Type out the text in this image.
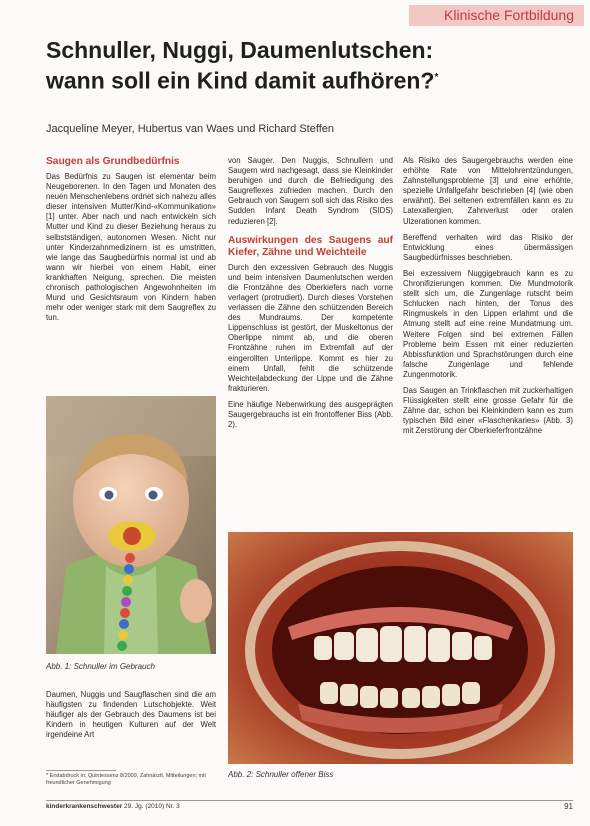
Klinische Fortbildung
Schnuller, Nuggi, Daumenlutschen:
wann soll ein Kind damit aufhören?*
Jacqueline Meyer, Hubertus van Waes und Richard Steffen
Saugen als Grundbedürfnis

Das Bedürfnis zu Saugen ist elementar beim Neugeborenen. In den Tagen und Monaten des neuen Menschenlebens ordnet sich nahezu alles dieser intensiven Mutter/Kind-«Kommunikation» [1] unter. Aber nach und nach entwickeln sich Mutter und Kind zu dieser Beziehung heraus zu selbstständigen, autonomen Wesen. Nicht nur unter Kinderzahnmedizinern ist es umstritten, wie lange das Saugbedürfnis normal ist und ab wann wir hierbei von einem Habit, einer krankhaften Neigung, sprechen. Die meisten chronisch pathologischen Angewohnheiten im Mund und Gesichtsraum von Kindern haben mehr oder weniger stark mit dem Saugreflex zu tun.

Abb. 1: Schnuller im Gebrauch

Daumen, Nuggis und Saugflaschen sind die am häufigsten zu findenden Lutschobjekte. Weit häufiger als der Gebrauch des Daumens ist bei Kindern in heutigen Kulturen auf der Welt irgendeine Art

* Erstabdruck in: Quintessenz 8/2009, Zahnärztl. Mitteilungen; mit freundlicher Genehmigung

von Sauger. Den Nuggis, Schnullern und Saugern wird nachgesagt, dass sie Kleinkinder beruhigen und durch die Befriedigung des Saugreflexes zufrieden machen. Durch den Gebrauch von Saugern soll sich das Risiko des Sudden Infant Death Syndrom (SIDS) reduzieren [2].

Auswirkungen des Saugens auf Kiefer, Zähne und Weichteile

Durch den exzessiven Gebrauch des Nuggis und beim intensiven Daumenlutschen werden die Frontzähne des Oberkiefers nach vorne verlagert (protrudiert). Durch dieses Vorstehen verlassen die Zähne den schützenden Bereich des Mundraums. Der kompetente Lippenschluss ist gestört, der Muskeltonus der Oberlippe nimmt ab, und die oberen Frontzähne ruhen im Extremfall auf der eingerollten Unterlippe. Kommt es hier zu einem Unfall, fehlt die schützende Weichteilabdeckung der Lippe und die Zähne frakturieren.

Eine häufige Nebenwirkung des ausgeprägten Saugergebrauchs ist ein frontoffener Biss (Abb. 2).

Als Risiko des Saugergebrauchs werden eine erhöhte Rate von Mittelohrentzündungen, Zahnstellungsprobleme [3] und eine erhöhte, spezielle Unfallgefahr beschrieben [4] (wie oben erwähnt). Bei seltenen extremfällen kann es zu Latexallergien, Zahnverlust oder oralen Ulzerationen kommen.

Bereffend verhalten wird das Risiko der Entwicklung eines übermässigen Saugbedürfnisses beschrieben.

Bei exzessivem Nuggigebrauch kann es zu Chronifizierungen kommen. Die Mundmotorik stellt sich um, die Zungenlage rutscht beim Schlucken nach hinten, der Tonus des Ringmuskels in den Lippen erlahmt und die Atmung stellt auf eine reine Mundatmung um. Weitere Folgen sind bei extremen Fällen Probleme beim Essen mit einer reduzierten Abbissfunktion und Sprachstörungen durch eine falsche Zungenlage und fehlende Zungenmotorik.

Das Saugen an Trinkflaschen mit zuckerhaltigen Flüssigkeiten stellt eine grosse Gefahr für die Zähne dar, schon bei Kleinkindern kann es zum typischen Bild einer «Flaschenkaries» (Abb. 3) mit Zerstörung der Oberkieferfrontzähne

Abb. 2: Schnuller offener Biss
kinderkrankenschwester 29. Jg. (2010) Nr. 3	91
